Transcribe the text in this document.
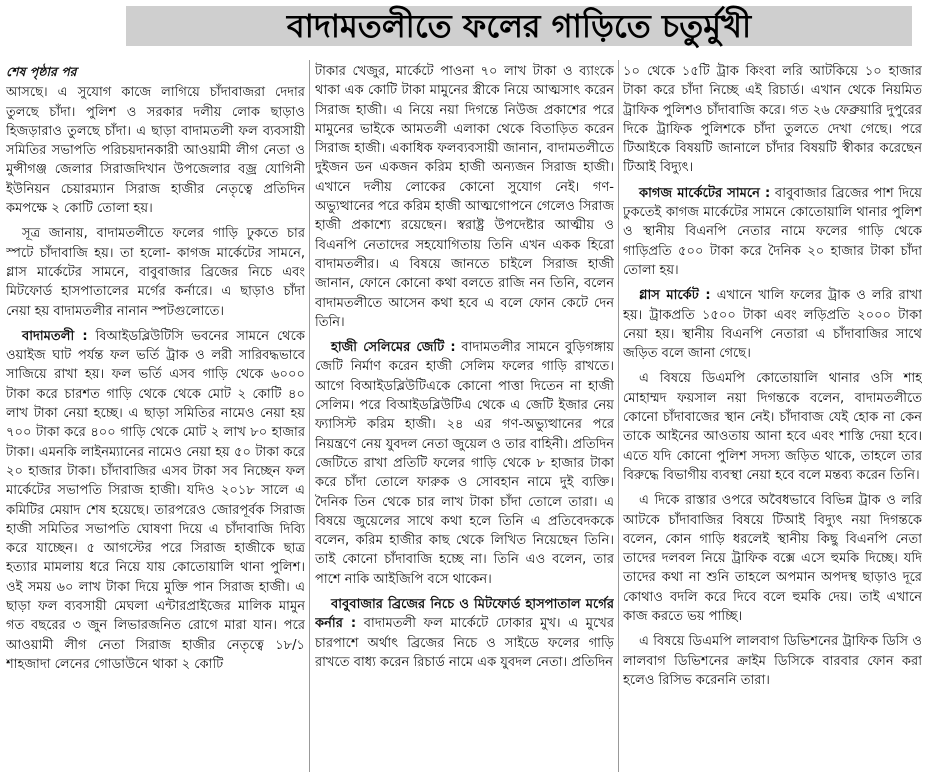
বাদামতলীতে ফলের গাড়িতে চতুর্মুখী
শেষ পৃষ্ঠার পর

আসছে। এ সুযোগ কাজে লাগিয়ে চাঁদাবাজরা দেদার তুলছে চাঁদা। পুলিশ ও সরকার দলীয় লোক ছাড়াও হিজড়ারাও তুলছে চাঁদা। এ ছাড়া বাদামতলী ফল ব্যবসায়ী সমিতির সভাপতি পরিচয়দানকারী আওয়ামী লীগ নেতা ও মুন্সীগঞ্জ জেলার সিরাজদিখান উপজেলার বজ্র যোগিনী ইউনিয়ন চেয়ারম্যান সিরাজ হাজীর নেতৃত্বে প্রতিদিন কমপক্ষে ২ কোটি তোলা হয়।

সূত্র জানায়, বাদামতলীতে ফলের গাড়ি ঢুকতে চার স্পটে চাঁদাবাজি হয়। তা হলো- কাগজ মার্কেটের সামনে, গ্লাস মার্কেটের সামনে, বাবুবাজার ব্রিজের নিচে এবং মিটফোর্ড হাসপাতালের মর্গের কর্নারে। এ ছাড়াও চাঁদা নেয়া হয় বাদামতলীর নানান স্পটগুলোতে।

বাদামতলী : বিআইডব্লিউটিসি ভবনের সামনে থেকে ওয়াইজ ঘাট পর্যন্ত ফল ভর্তি ট্রাক ও লরী সারিবদ্ধভাবে সাজিয়ে রাখা হয়। ফল ভর্তি এসব গাড়ি থেকে ৬০০০ টাকা করে চারশত গাড়ি থেকে থেকে মোট ২ কোটি ৪০ লাখ টাকা নেয়া হচ্ছে। এ ছাড়া সমিতির নামেও নেয়া হয় ৭০০ টাকা করে ৪০০ গাড়ি থেকে মোট ২ লাখ ৮০ হাজার টাকা। এমনকি লাইনম্যানের নামেও নেয়া হয় ৫০ টাকা করে ২০ হাজার টাকা। চাঁদাবাজির এসব টাকা সব নিচ্ছেন ফল মার্কেটের সভাপতি সিরাজ হাজী। যদিও ২০১৮ সালে এ কমিটির মেয়াদ শেষ হয়েছে। তারপরেও জোরপূর্বক সিরাজ হাজী সমিতির সভাপতি ঘোষণা দিয়ে এ চাঁদাবাজি দিব্যি করে যাচ্ছেন। ৫ আগস্টের পরে সিরাজ হাজীকে ছাত্র হত্যার মামলায় ধরে নিয়ে যায় কোতোয়ালি থানা পুলিশ। ওই সময় ৬০ লাখ টাকা দিয়ে মুক্তি পান সিরাজ হাজী। এ ছাড়া ফল ব্যবসায়ী মেঘলা এন্টারপ্রাইজের মালিক মামুন গত বছরের ৩ জুন লিভারজনিত রোগে মারা যান। পরে আওয়ামী লীগ নেতা সিরাজ হাজীর নেতৃত্বে ১৮/১ শাহজাদা লেনের গোডাউনে থাকা ২ কোটি

টাকার খেজুর, মার্কেটে পাওনা ৭০ লাখ টাকা ও ব্যাংকে থাকা এক কোটি টাকা মামুনের স্ত্রীকে নিয়ে আত্মসাৎ করেন সিরাজ হাজী। এ নিয়ে নয়া দিগন্তে নিউজ প্রকাশের পরে মামুনের ভাইকে আমতলী এলাকা থেকে বিতাড়িত করেন সিরাজ হাজী। একাধিক ফলব্যবসায়ী জানান, বাদামতলীতে দুইজন ডন একজন করিম হাজী অন্যজন সিরাজ হাজী। এখানে দলীয় লোকের কোনো সুযোগ নেই। গণ-অভ্যুত্থানের পরে করিম হাজী আত্মগোপনে গেলেও সিরাজ হাজী প্রকাশ্যে রয়েছেন। স্বরাষ্ট্র উপদেষ্টার আত্মীয় ও বিএনপি নেতাদের সহযোগিতায় তিনি এখন একক হিরো বাদামতলীর। এ বিষয়ে জানতে চাইলে সিরাজ হাজী জানান, ফোনে কোনো কথা বলতে রাজি নন তিনি, বলেন বাদামতলীতে আসেন কথা হবে এ বলে ফোন কেটে দেন তিনি।

হাজী সেলিমের জেটি : বাদামতলীর সামনে বুড়িগঙ্গায় জেটি নির্মাণ করেন হাজী সেলিম ফলের গাড়ি রাখতে। আগে বিআইডব্লিউটিএকে কোনো পাত্তা দিতেন না হাজী সেলিম। পরে বিআইডব্লিউটিএ থেকে এ জেটি ইজার নেয় ফ্যাসিস্ট করিম হাজী। ২৪ এর গণ-অভ্যুত্থানের পরে নিয়ন্ত্রণে নেয় যুবদল নেতা জুয়েল ও তার বাহিনী। প্রতিদিন জেটিতে রাখা প্রতিটি ফলের গাড়ি থেকে ৮ হাজার টাকা করে চাঁদা তোলে ফারুক ও সোবহান নামে দুই ব্যক্তি। দৈনিক তিন থেকে চার লাখ টাকা চাঁদা তোলে তারা। এ বিষয়ে জুয়েলের সাথে কথা হলে তিনি এ প্রতিবেদককে বলেন, করিম হাজীর কাছ থেকে লিখিত নিয়েছেন তিনি। তাই কোনো চাঁদাবাজি হচ্ছে না। তিনি এও বলেন, তার পাশে নাকি আইজিপি বসে থাকেন।

বাবুবাজার ব্রিজের নিচে ও মিটফোর্ড হাসপাতাল মর্গের কর্নার : বাদামতলী ফল মার্কেটে ঢোকার মুখ। এ মুখের চারপাশে অর্থাৎ ব্রিজের নিচে ও সাইডে ফলের গাড়ি রাখতে বাধ্য করেন রিচার্ড নামে এক যুবদল নেতা। প্রতিদিন

১০ থেকে ১৫টি ট্রাক কিংবা লরি আটকিয়ে ১০ হাজার টাকা করে চাঁদা নিচ্ছে এই রিচার্ড। এখান থেকে নিয়মিত ট্রাফিক পুলিশও চাঁদাবাজি করে। গত ২৬ ফেব্রুয়ারি দুপুরের দিকে ট্রাফিক পুলিশকে চাঁদা তুলতে দেখা গেছে। পরে টিআইকে বিষয়টি জানালে চাঁদার বিষয়টি স্বীকার করেছেন টিআই বিদ্যুৎ।

কাগজ মার্কেটের সামনে : বাবুবাজার ব্রিজের পাশ দিয়ে ঢুকতেই কাগজ মার্কেটের সামনে কোতোয়ালি থানার পুলিশ ও স্থানীয় বিএনপি নেতার নামে ফলের গাড়ি থেকে গাড়িপ্রতি ৫০০ টাকা করে দৈনিক ২০ হাজার টাকা চাঁদা তোলা হয়।

গ্লাস মার্কেট : এখানে খালি ফলের ট্রাক ও লরি রাখা হয়। ট্রাকপ্রতি ১৫০০ টাকা এবং লড়িপ্রতি ২০০০ টাকা নেয়া হয়। স্থানীয় বিএনপি নেতারা এ চাঁদাবাজির সাথে জড়িত বলে জানা গেছে।

এ বিষয়ে ডিএমপি কোতোয়ালি থানার ওসি শাহ মোহাম্মদ ফয়সাল নয়া দিগন্তকে বলেন, বাদামতলীতে কোনো চাঁদাবাজের স্থান নেই। চাঁদাবাজ যেই হোক না কেন তাকে আইনের আওতায় আনা হবে এবং শাস্তি দেয়া হবে। এতে যদি কোনো পুলিশ সদস্য জড়িত থাকে, তাহলে তার বিরুদ্ধে বিভাগীয় ব্যবস্থা নেয়া হবে বলে মন্তব্য করেন তিনি।

এ দিকে রাস্তার ওপরে অবৈধভাবে বিভিন্ন ট্রাক ও লরি আটকে চাঁদাবাজির বিষয়ে টিআই বিদ্যুৎ নয়া দিগন্তকে বলেন, কোন গাড়ি ধরলেই স্থানীয় কিছু বিএনপি নেতা তাদের দলবল নিয়ে ট্রাফিক বক্সে এসে হুমকি দিচ্ছে। যদি তাদের কথা না শুনি তাহলে অপমান অপদস্থ ছাড়াও দূরে কোথাও বদলি করে দিবে বলে হুমকি দেয়। তাই এখানে কাজ করতে ভয় পাচ্ছি।

এ বিষয়ে ডিএমপি লালবাগ ডিভিশনের ট্রাফিক ডিসি ও লালবাগ ডিভিশনের ক্রাইম ডিসিকে বারবার ফোন করা হলেও রিসিভ করেননি তারা।
